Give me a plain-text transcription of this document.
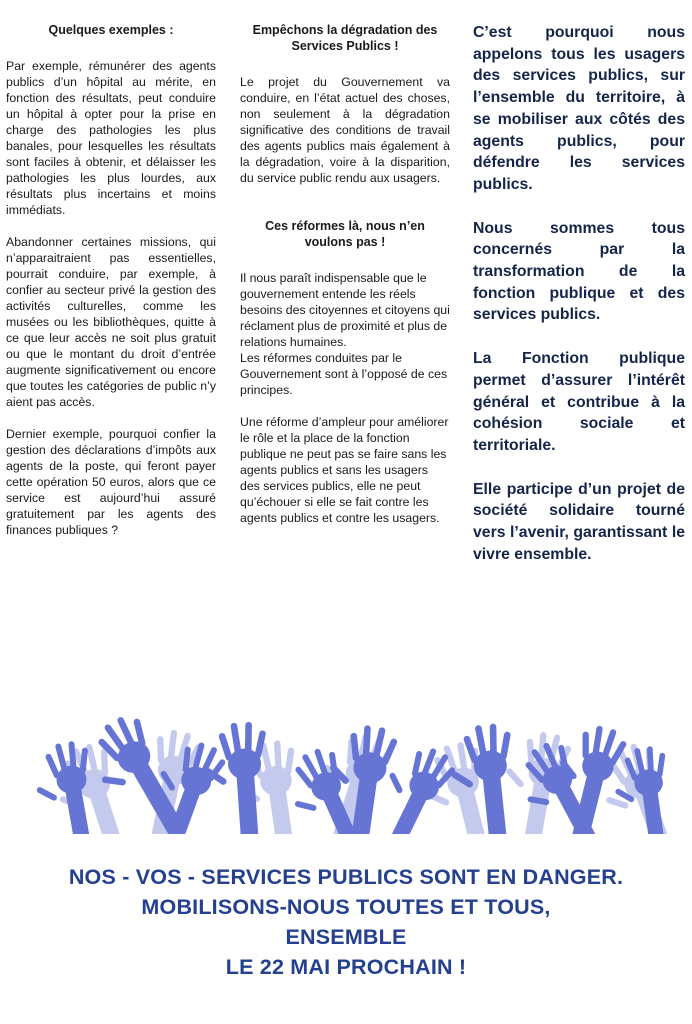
Quelques exemples :

Par exemple, rémunérer des agents publics d’un hôpital au mérite, en fonction des résultats, peut conduire un hôpital à opter pour la prise en charge des pathologies les plus banales, pour lesquelles les résultats sont faciles à obtenir, et délaisser les pathologies les plus lourdes, aux résultats plus incertains et moins immédiats.

Abandonner certaines missions, qui n’apparaitraient pas essentielles, pourrait conduire, par exemple, à confier au secteur privé la gestion des activités culturelles, comme les musées ou les bibliothèques, quitte à ce que leur accès ne soit plus gratuit ou que le montant du droit d’entrée augmente significativement ou encore que toutes les catégories de public n’y aient pas accès.

Dernier exemple, pourquoi confier la gestion des déclarations d’impôts aux agents de la poste, qui feront payer cette opération 50 euros, alors que ce service est aujourd’hui assuré gratuitement par les agents des finances publiques ?

Empêchons la dégradation des Services Publics !

Le projet du Gouvernement va conduire, en l’état actuel des choses, non seulement à la dégradation significative des conditions de travail des agents publics mais également à la dégradation, voire à la disparition, du service public rendu aux usagers.

Ces réformes là, nous n’en voulons pas !

Il nous paraît indispensable que le gouvernement entende les réels besoins des citoyennes et citoyens qui réclament plus de proximité et plus de relations humaines.

Les réformes conduites par le Gouvernement sont à l’opposé de ces principes.

Une réforme d’ampleur pour améliorer le rôle et la place de la fonction publique ne peut pas se faire sans les agents publics et sans les usagers des services publics, elle ne peut qu’échouer si elle se fait contre les agents publics et contre les usagers.

C’est pourquoi nous appelons tous les usagers des services publics, sur l’ensemble du territoire, à se mobiliser aux côtés des agents publics, pour défendre les services publics.

Nous sommes tous concernés par la transformation de la fonction publique et des services publics.

La Fonction publique permet d’assurer l’intérêt général et contribue à la cohésion sociale et territoriale.

Elle participe d’un projet de société solidaire tourné vers l’avenir, garantissant le vivre ensemble.

NOS - VOS - SERVICES PUBLICS SONT EN DANGER.
MOBILISONS-NOUS TOUTES ET TOUS,
ENSEMBLE
LE 22 MAI PROCHAIN !
